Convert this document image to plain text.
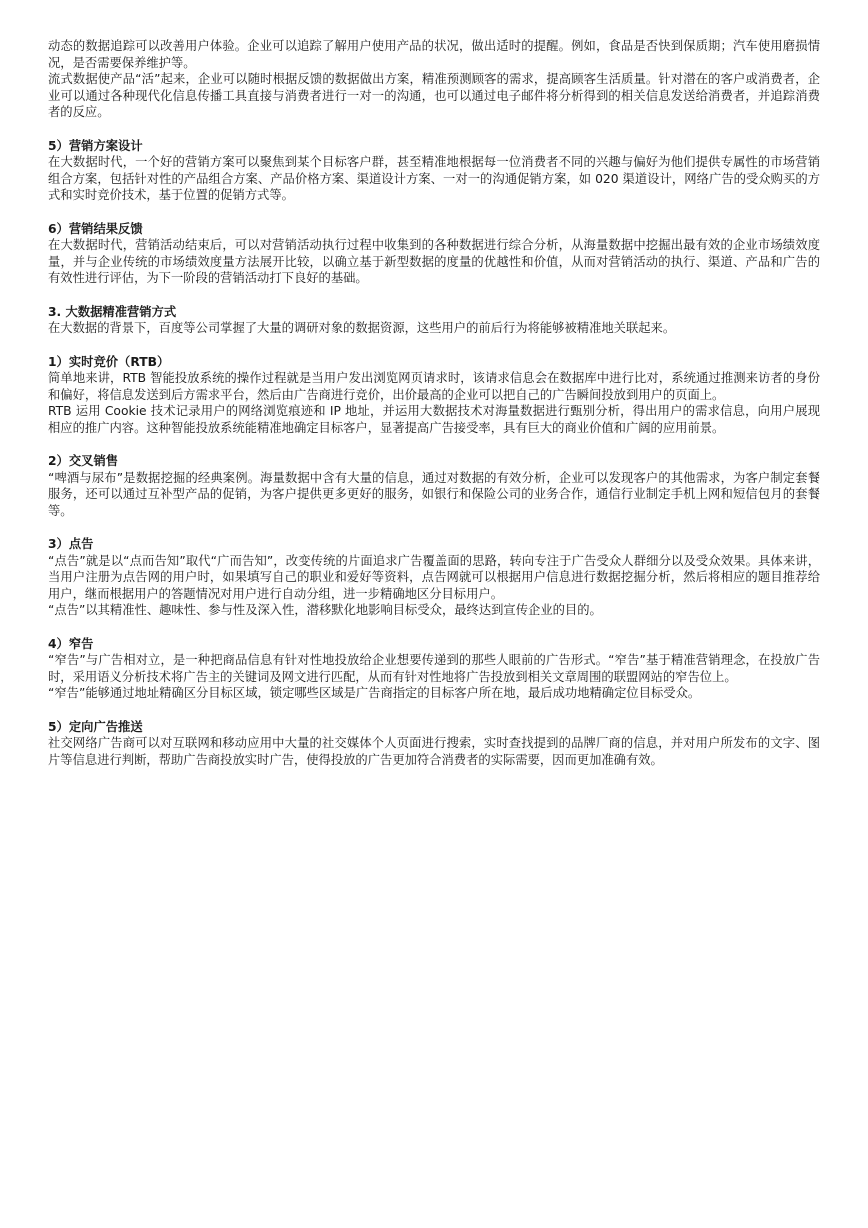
动态的数据追踪可以改善用户体验。企业可以追踪了解用户使用产品的状况，做出适时的提醒。例如，食品是否快到保质期；汽车使用磨损情况，是否需要保养维护等。

流式数据使产品“活”起来，企业可以随时根据反馈的数据做出方案，精准预测顾客的需求，提高顾客生活质量。针对潜在的客户或消费者，企业可以通过各种现代化信息传播工具直接与消费者进行一对一的沟通，也可以通过电子邮件将分析得到的相关信息发送给消费者，并追踪消费者的反应。

5）营销方案设计

在大数据时代，一个好的营销方案可以聚焦到某个目标客户群，甚至精准地根据每一位消费者不同的兴趣与偏好为他们提供专属性的市场营销组合方案，包括针对性的产品组合方案、产品价格方案、渠道设计方案、一对一的沟通促销方案，如 020 渠道设计，网络广告的受众购买的方式和实时竞价技术，基于位置的促销方式等。

6）营销结果反馈

在大数据时代，营销活动结束后，可以对营销活动执行过程中收集到的各种数据进行综合分析，从海量数据中挖掘出最有效的企业市场绩效度量，并与企业传统的市场绩效度量方法展开比较，以确立基于新型数据的度量的优越性和价值，从而对营销活动的执行、渠道、产品和广告的有效性进行评估，为下一阶段的营销活动打下良好的基础。

3. 大数据精准营销方式

在大数据的背景下，百度等公司掌握了大量的调研对象的数据资源，这些用户的前后行为将能够被精准地关联起来。

1）实时竞价（RTB）

简单地来讲，RTB 智能投放系统的操作过程就是当用户发出浏览网页请求时，该请求信息会在数据库中进行比对，系统通过推测来访者的身份和偏好，将信息发送到后方需求平台，然后由广告商进行竞价，出价最高的企业可以把自己的广告瞬间投放到用户的页面上。

RTB 运用 Cookie 技术记录用户的网络浏览痕迹和 IP 地址，并运用大数据技术对海量数据进行甄别分析，得出用户的需求信息，向用户展现相应的推广内容。这种智能投放系统能精准地确定目标客户，显著提高广告接受率，具有巨大的商业价值和广阔的应用前景。

2）交叉销售

“啤酒与尿布”是数据挖掘的经典案例。海量数据中含有大量的信息，通过对数据的有效分析，企业可以发现客户的其他需求，为客户制定套餐服务，还可以通过互补型产品的促销，为客户提供更多更好的服务，如银行和保险公司的业务合作，通信行业制定手机上网和短信包月的套餐等。

3）点告

“点告”就是以“点而告知”取代“广而告知”，改变传统的片面追求广告覆盖面的思路，转向专注于广告受众人群细分以及受众效果。具体来讲，当用户注册为点告网的用户时，如果填写自己的职业和爱好等资料，点告网就可以根据用户信息进行数据挖掘分析，然后将相应的题目推荐给用户，继而根据用户的答题情况对用户进行自动分组，进一步精确地区分目标用户。

“点告”以其精准性、趣味性、参与性及深入性，潜移默化地影响目标受众，最终达到宣传企业的目的。

4）窄告

“窄告”与广告相对立，是一种把商品信息有针对性地投放给企业想要传递到的那些人眼前的广告形式。“窄告”基于精准营销理念，在投放广告时，采用语义分析技术将广告主的关键词及网文进行匹配，从而有针对性地将广告投放到相关文章周围的联盟网站的窄告位上。

“窄告”能够通过地址精确区分目标区域，锁定哪些区域是广告商指定的目标客户所在地，最后成功地精确定位目标受众。

5）定向广告推送

社交网络广告商可以对互联网和移动应用中大量的社交媒体个人页面进行搜索，实时查找提到的品牌厂商的信息，并对用户所发布的文字、图片等信息进行判断，帮助广告商投放实时广告，使得投放的广告更加符合消费者的实际需要，因而更加准确有效。
